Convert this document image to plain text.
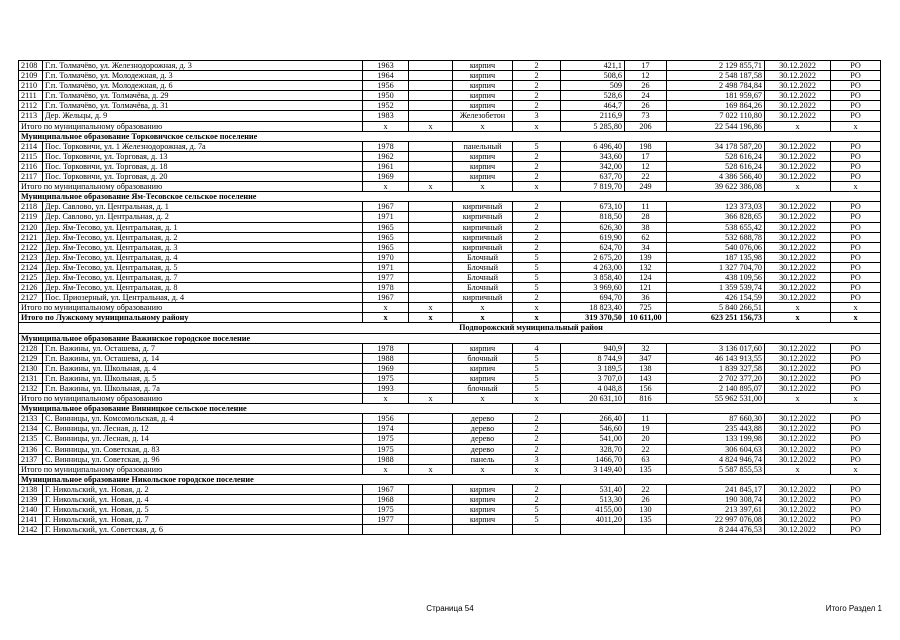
2108	Г.п. Толмачёво, ул. Железнодорожная, д. 3	1963		кирпич	2	421,1	17	2 129 855,71	30.12.2022	РО
2109	Г.п. Толмачёво, ул. Молодежная, д. 3	1964		кирпич	2	508,6	12	2 548 187,58	30.12.2022	РО
2110	Г.п. Толмачёво, ул. Молодежная, д. 6	1956		кирпич	2	509	26	2 498 784,84	30.12.2022	РО
2111	Г.п. Толмачёво, ул. Толмачёва, д. 29	1950		кирпич	2	528,6	24	181 959,67	30.12.2022	РО
2112	Г.п. Толмачёво, ул. Толмачёва, д. 31	1952		кирпич	2	464,7	26	169 864,26	30.12.2022	РО
2113	Дер. Жельцы, д. 9	1983		Железобетон	3	2116,9	73	7 022 110,80	30.12.2022	РО
Итого по муниципальному образованию		х	х	х	х	5 285,80	206	22 544 196,86	х	х
Муниципальное образование Торковичское сельское поселение										
2114	Пос. Торковичи, ул. 1 Железнодорожная, д. 7а	1978		панельный	5	6 496,40	198	34 178 587,20	30.12.2022	РО
2115	Пос. Торковичи, ул. Торговая, д. 13	1962		кирпич	2	343,60	17	528 616,24	30.12.2022	РО
2116	Пос. Торковичи, ул. Торговая, д. 18	1961		кирпич	2	342,00	12	528 616,24	30.12.2022	РО
2117	Пос. Торковичи, ул. Торговая, д. 20	1969		кирпич	2	637,70	22	4 386 566,40	30.12.2022	РО
Итого по муниципальному образованию		х	х	х	х	7 819,70	249	39 622 386,08	х	х
Муниципальное образование Ям-Тесовское сельское поселение										
2118	Дер. Савлово, ул. Центральная, д. 1	1967		кирпичный	2	673,10	11	123 373,03	30.12.2022	РО
2119	Дер. Савлово, ул. Центральная, д. 2	1971		кирпичный	2	818,50	28	366 828,65	30.12.2022	РО
2120	Дер. Ям-Тесово, ул. Центральная, д. 1	1965		кирпичный	2	626,30	38	538 655,42	30.12.2022	РО
2121	Дер. Ям-Тесово, ул. Центральная, д. 2	1965		кирпичный	2	619,90	62	532 688,78	30.12.2022	РО
2122	Дер. Ям-Тесово, ул. Центральная, д. 3	1965		кирпичный	2	624,70	34	540 076,06	30.12.2022	РО
2123	Дер. Ям-Тесово, ул. Центральная, д. 4	1970		Блочный	5	2 675,20	139	187 135,98	30.12.2022	РО
2124	Дер. Ям-Тесово, ул. Центральная, д. 5	1971		Блочный	5	4 263,00	132	1 327 704,70	30.12.2022	РО
2125	Дер. Ям-Тесово, ул. Центральная, д. 7	1977		Блочный	5	3 858,40	124	438 109,56	30.12.2022	РО
2126	Дер. Ям-Тесово, ул. Центральная, д. 8	1978		Блочный	5	3 969,60	121	1 359 539,74	30.12.2022	РО
2127	Пос. Приозерный, ул. Центральная, д. 4	1967		кирпичный	2	694,70	36	426 154,59	30.12.2022	РО
Итого по муниципальному образованию		х	х	х	х	18 823,40	725	5 840 266,51	х	х
Итого по Лужскому муниципальному району		х	х	х	х	319 370,50	10 611,00	623 251 156,73	х	х
Подпорожский муниципальный район										
Муниципальное образование Важинское городское поселение										
2128	Г.п. Важины, ул. Осташева, д. 7	1978		кирпич	4	940,9	32	3 136 017,60	30.12.2022	РО
2129	Г.п. Важины, ул. Осташева, д. 14	1988		блочный	5	8 744,9	347	46 143 913,55	30.12.2022	РО
2130	Г.п. Важины, ул. Школьная, д. 4	1969		кирпич	5	3 189,5	138	1 839 327,58	30.12.2022	РО
2131	Г.п. Важины, ул. Школьная, д. 5	1975		кирпич	5	3 707,0	143	2 702 377,20	30.12.2022	РО
2132	Г.п. Важины, ул. Школьная, д. 7а	1993		блочный	5	4 048,8	156	2 140 895,07	30.12.2022	РО
Итого по муниципальному образованию		х	х	х	х	20 631,10	816	55 962 531,00	х	х
Муниципальное образование Винницкое сельское поселение										
2133	С. Винницы, ул. Комсомольская, д. 4	1956		дерево	2	266,40	11	87 660,30	30.12.2022	РО
2134	С. Винницы, ул. Лесная, д. 12	1974		дерево	2	546,60	19	235 443,88	30.12.2022	РО
2135	С. Винницы, ул. Лесная, д. 14	1975		дерево	2	541,00	20	133 199,98	30.12.2022	РО
2136	С. Винницы, ул. Советская, д. 83	1975		дерево	2	328,70	22	306 604,63	30.12.2022	РО
2137	С. Винницы, ул. Советская, д. 96	1988		панель	3	1466,70	63	4 824 946,74	30.12.2022	РО
Итого по муниципальному образованию		х	х	х	х	3 149,40	135	5 587 855,53	х	х
Муниципальное образование Никольское городское поселение										
2138	Г. Никольский, ул. Новая, д. 2	1967		кирпич	2	531,40	22	241 845,17	30.12.2022	РО
2139	Г. Никольский, ул. Новая, д. 4	1968		кирпич	2	513,30	26	190 308,74	30.12.2022	РО
2140	Г. Никольский, ул. Новая, д. 5	1975		кирпич	5	4155,00	130	213 397,61	30.12.2022	РО
2141	Г. Никольский, ул. Новая, д. 7	1977		кирпич	5	4011,20	135	22 997 076,08	30.12.2022	РО
2142	Г. Никольский, ул. Советская, д. 6							8 244 476,53	30.12.2022	РО
Страница 54	Итого Раздел 1
